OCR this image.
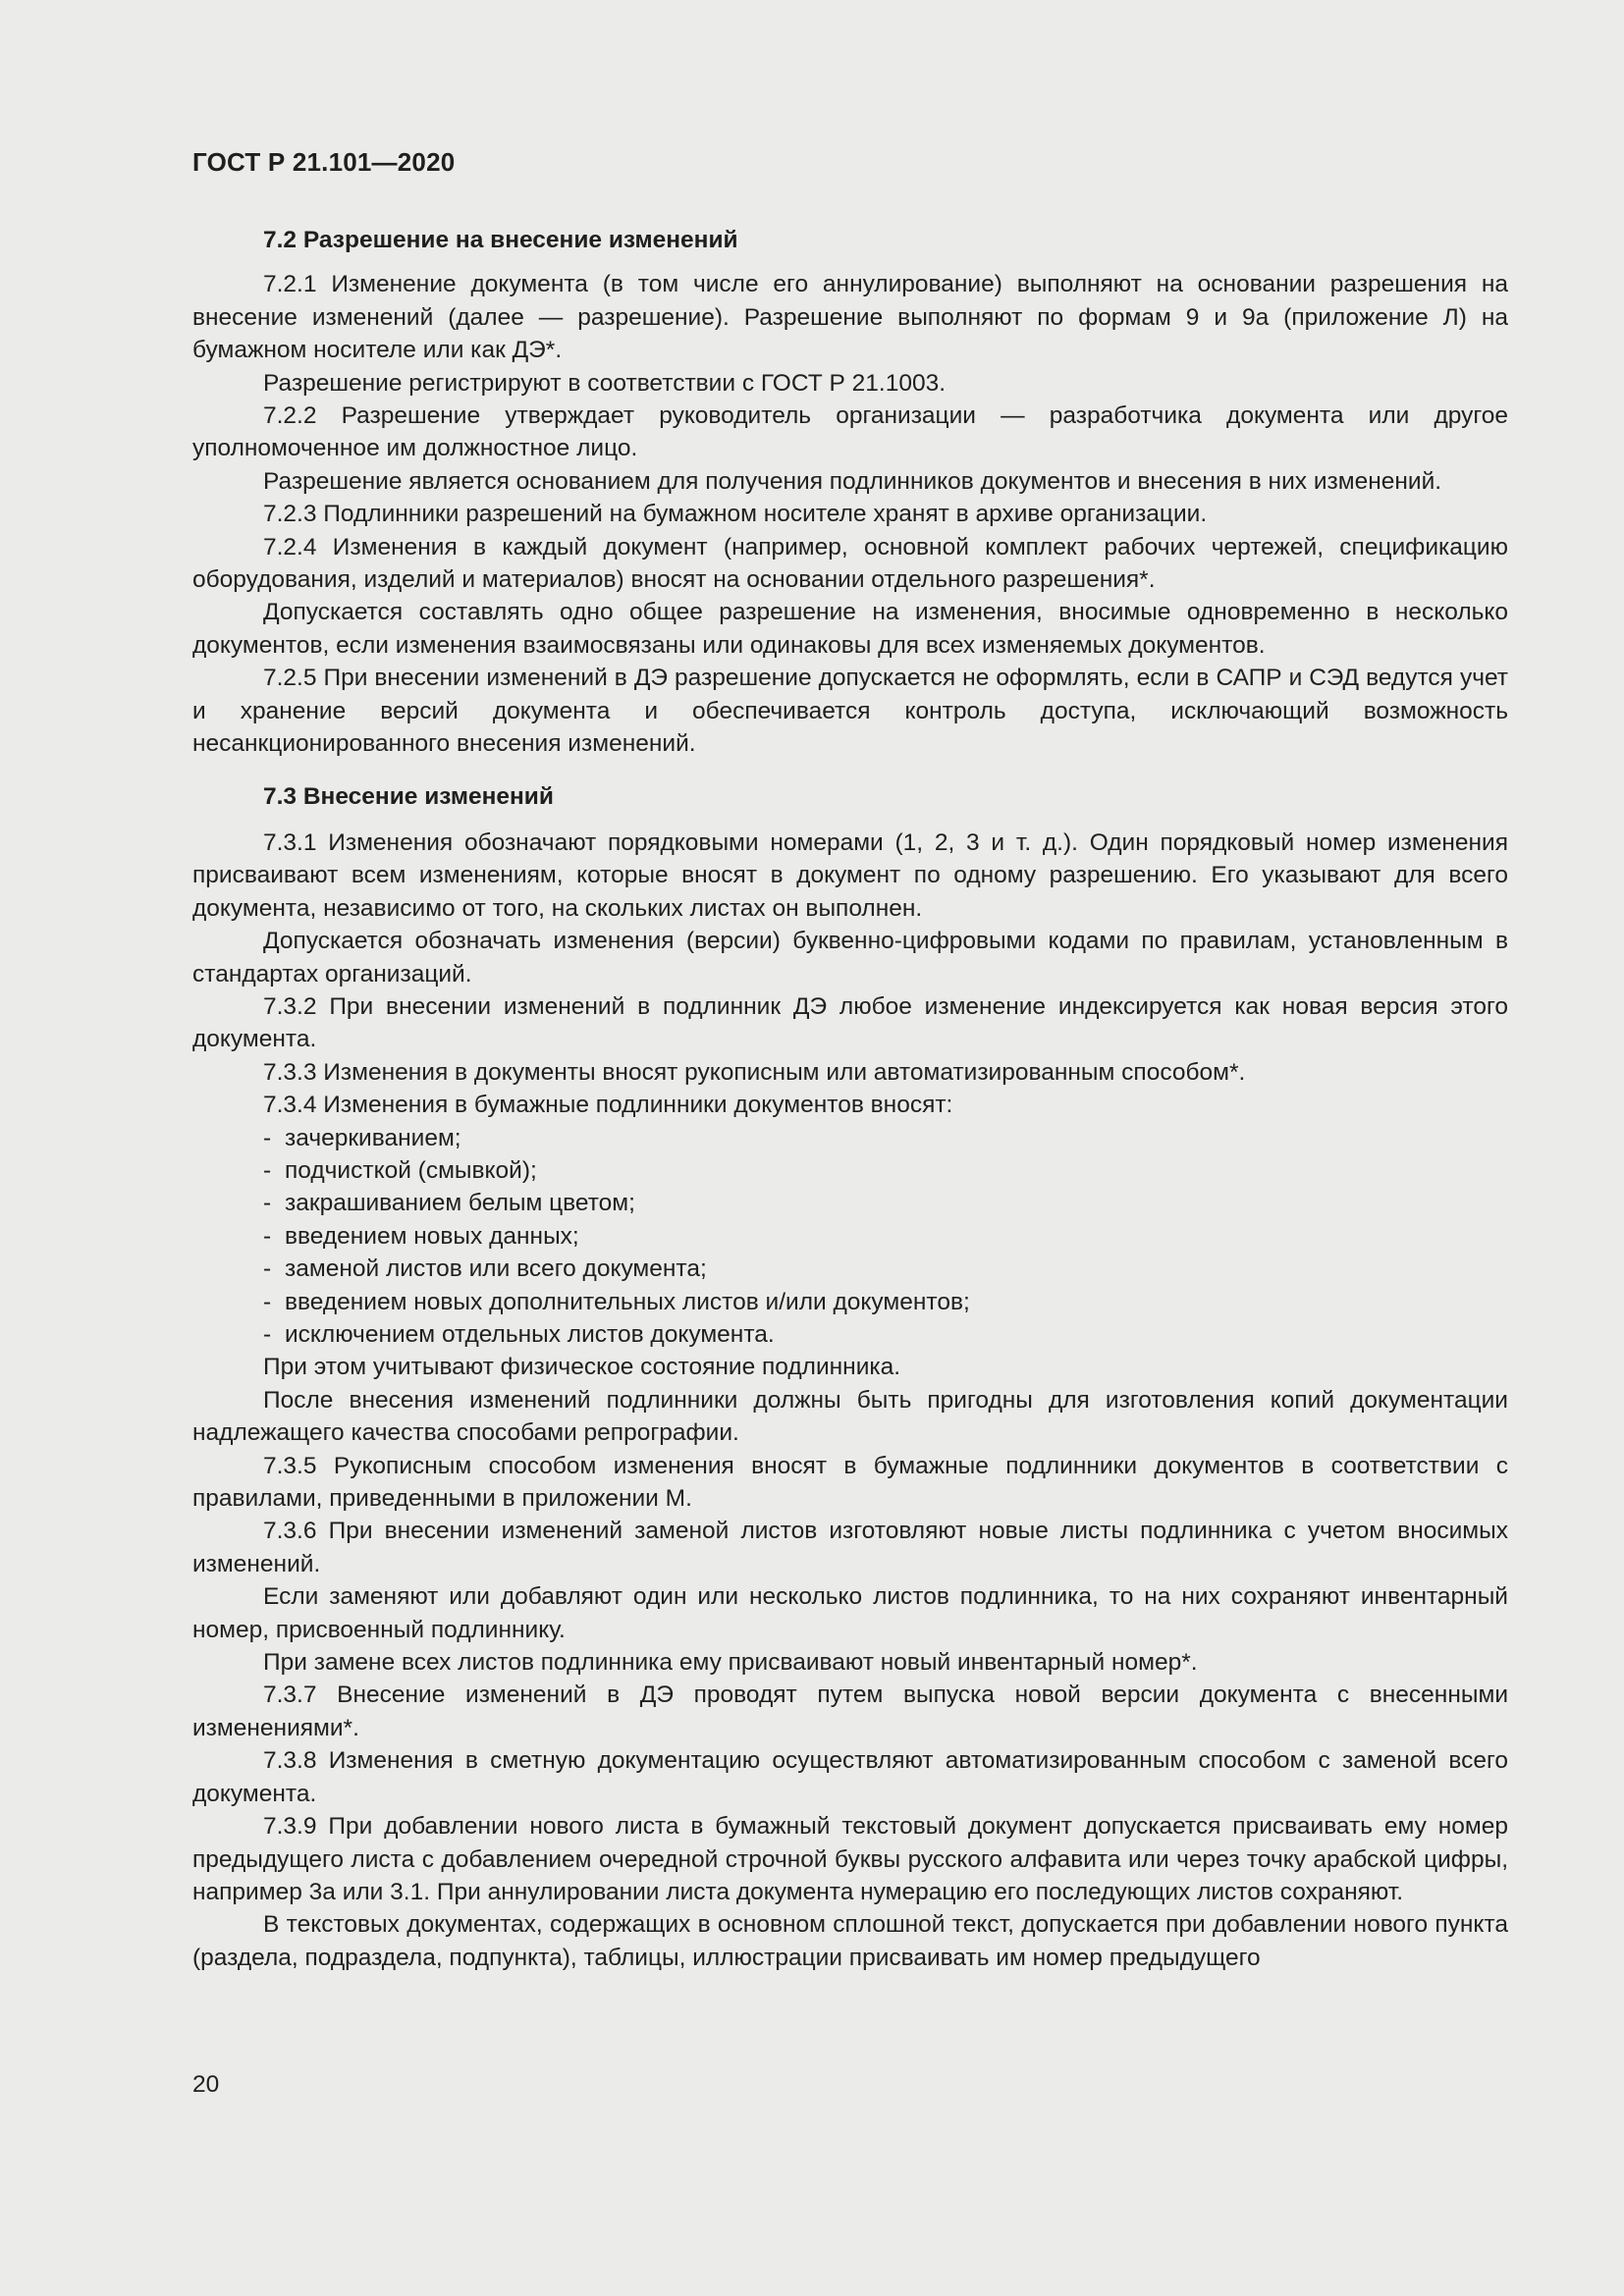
ГОСТ Р 21.101—2020
7.2 Разрешение на внесение изменений

7.2.1 Изменение документа (в том числе его аннулирование) выполняют на основании разрешения на внесение изменений (далее — разрешение). Разрешение выполняют по формам 9 и 9а (приложение Л) на бумажном носителе или как ДЭ*.

Разрешение регистрируют в соответствии с ГОСТ Р 21.1003.

7.2.2 Разрешение утверждает руководитель организации — разработчика документа или другое уполномоченное им должностное лицо.

Разрешение является основанием для получения подлинников документов и внесения в них изменений.

7.2.3 Подлинники разрешений на бумажном носителе хранят в архиве организации.

7.2.4 Изменения в каждый документ (например, основной комплект рабочих чертежей, спецификацию оборудования, изделий и материалов) вносят на основании отдельного разрешения*.

Допускается составлять одно общее разрешение на изменения, вносимые одновременно в несколько документов, если изменения взаимосвязаны или одинаковы для всех изменяемых документов.

7.2.5 При внесении изменений в ДЭ разрешение допускается не оформлять, если в САПР и СЭД ведутся учет и хранение версий документа и обеспечивается контроль доступа, исключающий возможность несанкционированного внесения изменений.

7.3 Внесение изменений

7.3.1 Изменения обозначают порядковыми номерами (1, 2, 3 и т. д.). Один порядковый номер изменения присваивают всем изменениям, которые вносят в документ по одному разрешению. Его указывают для всего документа, независимо от того, на скольких листах он выполнен.

Допускается обозначать изменения (версии) буквенно-цифровыми кодами по правилам, установленным в стандартах организаций.

7.3.2 При внесении изменений в подлинник ДЭ любое изменение индексируется как новая версия этого документа.

7.3.3 Изменения в документы вносят рукописным или автоматизированным способом*.

7.3.4 Изменения в бумажные подлинники документов вносят:

- зачеркиванием;
- подчисткой (смывкой);
- закрашиванием белым цветом;
- введением новых данных;
- заменой листов или всего документа;
- введением новых дополнительных листов и/или документов;
- исключением отдельных листов документа.

При этом учитывают физическое состояние подлинника.

После внесения изменений подлинники должны быть пригодны для изготовления копий документации надлежащего качества способами репрографии.

7.3.5 Рукописным способом изменения вносят в бумажные подлинники документов в соответствии с правилами, приведенными в приложении М.

7.3.6 При внесении изменений заменой листов изготовляют новые листы подлинника с учетом вносимых изменений.

Если заменяют или добавляют один или несколько листов подлинника, то на них сохраняют инвентарный номер, присвоенный подлиннику.

При замене всех листов подлинника ему присваивают новый инвентарный номер*.

7.3.7 Внесение изменений в ДЭ проводят путем выпуска новой версии документа с внесенными изменениями*.

7.3.8 Изменения в сметную документацию осуществляют автоматизированным способом с заменой всего документа.

7.3.9 При добавлении нового листа в бумажный текстовый документ допускается присваивать ему номер предыдущего листа с добавлением очередной строчной буквы русского алфавита или через точку арабской цифры, например 3а или 3.1. При аннулировании листа документа нумерацию его последующих листов сохраняют.

В текстовых документах, содержащих в основном сплошной текст, допускается при добавлении нового пункта (раздела, подраздела, подпункта), таблицы, иллюстрации присваивать им номер предыдущего

20
